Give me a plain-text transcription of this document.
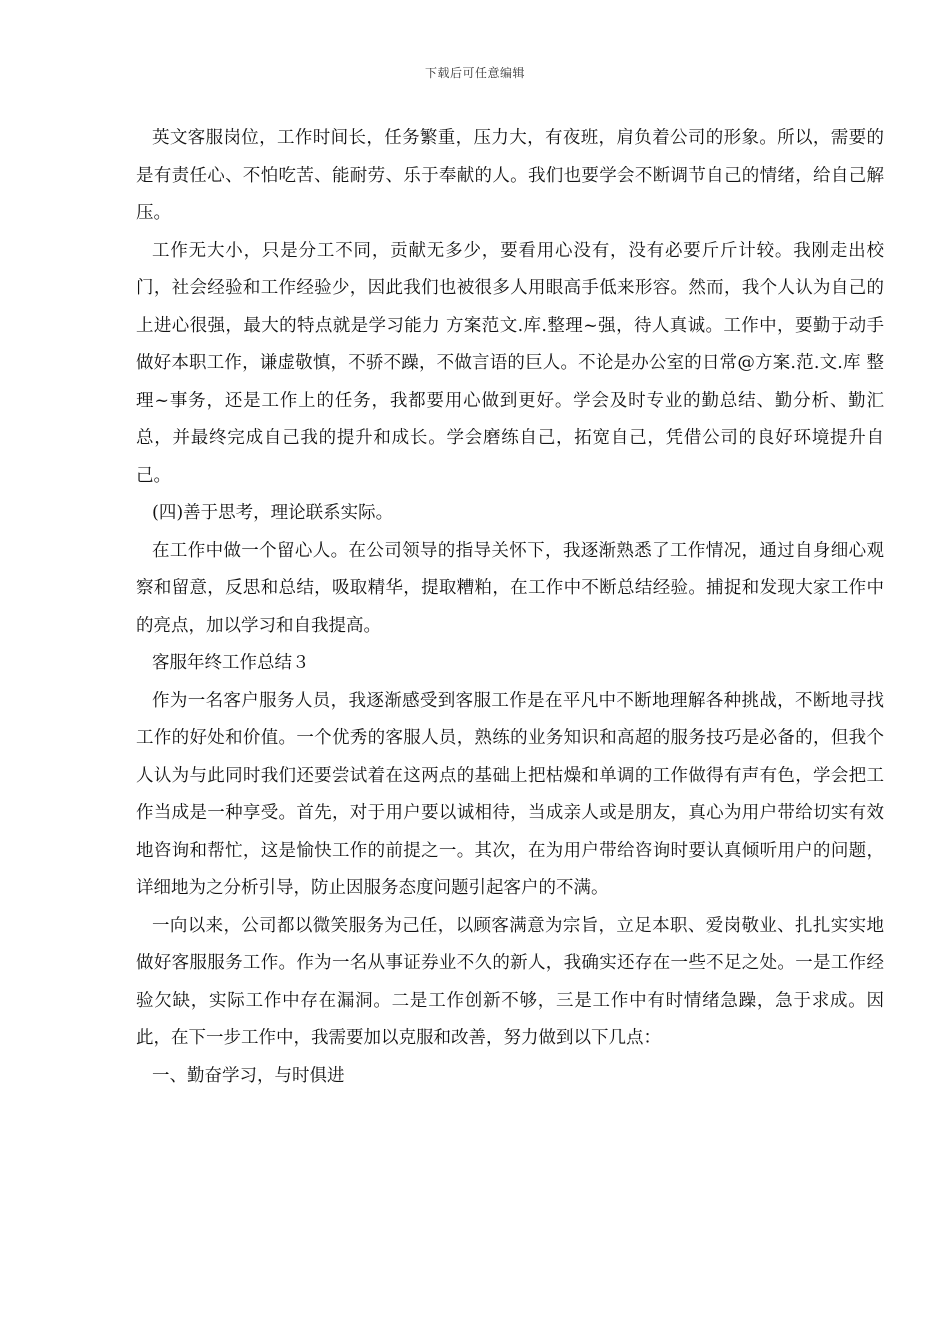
下载后可任意编辑

英文客服岗位，工作时间长，任务繁重，压力大，有夜班，肩负着公司的形象。所以，需要的是有责任心、不怕吃苦、能耐劳、乐于奉献的人。我们也要学会不断调节自己的情绪，给自己解压。

工作无大小，只是分工不同，贡献无多少，要看用心没有，没有必要斤斤计较。我刚走出校门，社会经验和工作经验少，因此我们也被很多人用眼高手低来形容。然而，我个人认为自己的上进心很强，最大的特点就是学习能力 方案范文.库.整理~强，待人真诚。工作中，要勤于动手做好本职工作，谦虚敬慎，不骄不躁，不做言语的巨人。不论是办公室的日常@方案.范.文.库 整理~事务，还是工作上的任务，我都要用心做到更好。学会及时专业的勤总结、勤分析、勤汇总，并最终完成自己我的提升和成长。学会磨练自己，拓宽自己，凭借公司的良好环境提升自己。

(四)善于思考，理论联系实际。

在工作中做一个留心人。在公司领导的指导关怀下，我逐渐熟悉了工作情况，通过自身细心观察和留意，反思和总结，吸取精华，提取糟粕，在工作中不断总结经验。捕捉和发现大家工作中的亮点，加以学习和自我提高。

客服年终工作总结３

作为一名客户服务人员，我逐渐感受到客服工作是在平凡中不断地理解各种挑战，不断地寻找工作的好处和价值。一个优秀的客服人员，熟练的业务知识和高超的服务技巧是必备的，但我个人认为与此同时我们还要尝试着在这两点的基础上把枯燥和单调的工作做得有声有色，学会把工作当成是一种享受。首先，对于用户要以诚相待，当成亲人或是朋友，真心为用户带给切实有效地咨询和帮忙，这是愉快工作的前提之一。其次，在为用户带给咨询时要认真倾听用户的问题，详细地为之分析引导，防止因服务态度问题引起客户的不满。

一向以来，公司都以微笑服务为己任，以顾客满意为宗旨，立足本职、爱岗敬业、扎扎实实地做好客服服务工作。作为一名从事证券业不久的新人，我确实还存在一些不足之处。一是工作经验欠缺，实际工作中存在漏洞。二是工作创新不够，三是工作中有时情绪急躁，急于求成。因此，在下一步工作中，我需要加以克服和改善，努力做到以下几点：

一、勤奋学习，与时俱进
